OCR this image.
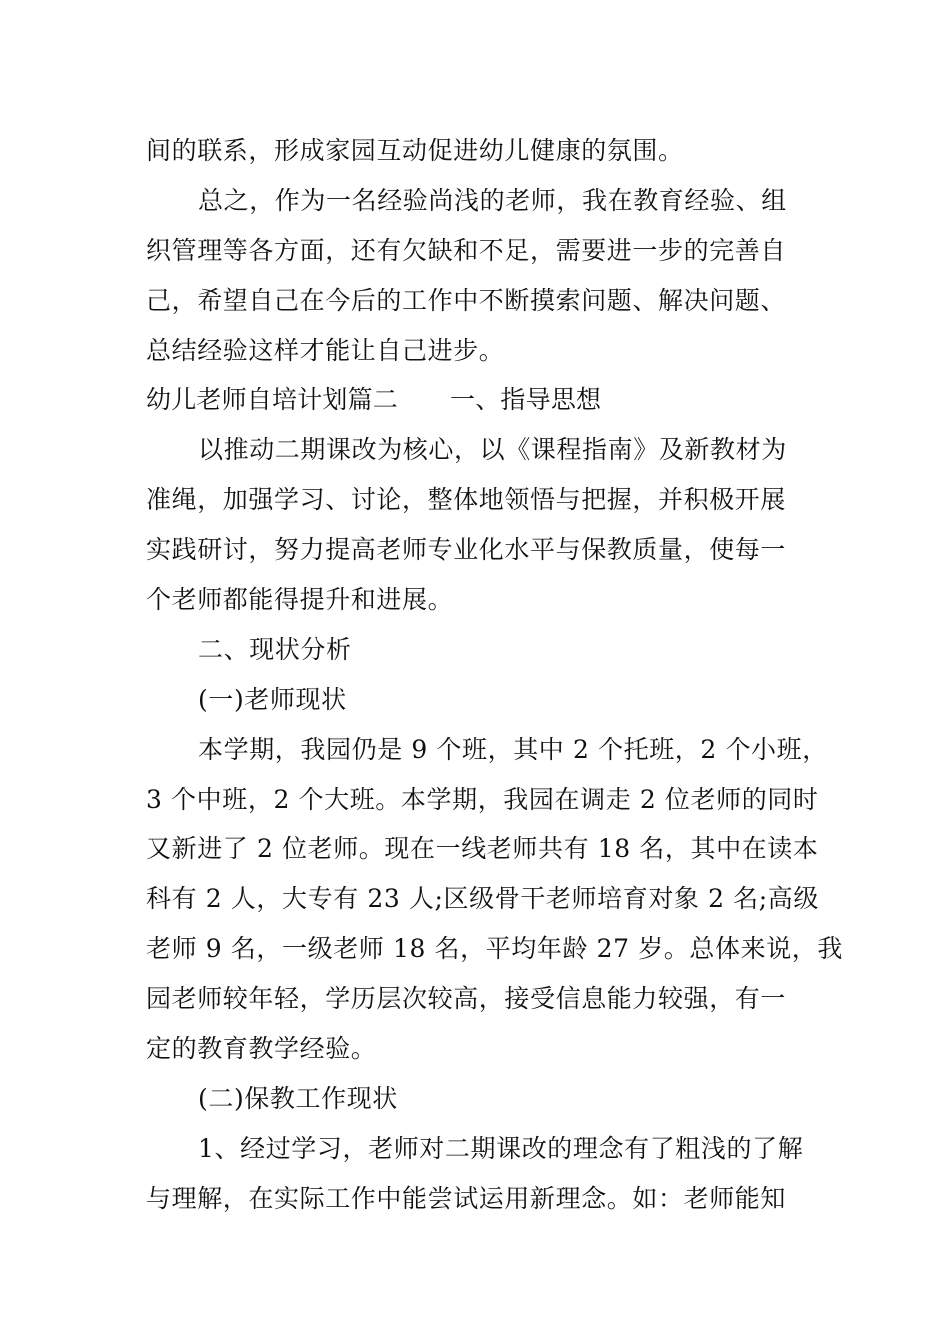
间的联系，形成家园互动促进幼儿健康的氛围。
总之，作为一名经验尚浅的老师，我在教育经验、组
织管理等各方面，还有欠缺和不足，需要进一步的完善自
己，希望自己在今后的工作中不断摸索问题、解决问题、
总结经验这样才能让自己进步。
幼儿老师自培计划篇二 一、指导思想
以推动二期课改为核心，以《课程指南》及新教材为
准绳，加强学习、讨论，整体地领悟与把握，并积极开展
实践研讨，努力提高老师专业化水平与保教质量，使每一
个老师都能得提升和进展。
二、现状分析
(一)老师现状
本学期，我园仍是 9 个班，其中 2 个托班，2 个小班，
3 个中班，2 个大班。本学期，我园在调走 2 位老师的同时
又新进了 2 位老师。现在一线老师共有 18 名，其中在读本
科有 2 人，大专有 23 人;区级骨干老师培育对象 2 名;高级
老师 9 名，一级老师 18 名，平均年龄 27 岁。总体来说，我
园老师较年轻，学历层次较高，接受信息能力较强，有一
定的教育教学经验。
(二)保教工作现状
1、经过学习，老师对二期课改的理念有了粗浅的了解
与理解，在实际工作中能尝试运用新理念。如：老师能知
